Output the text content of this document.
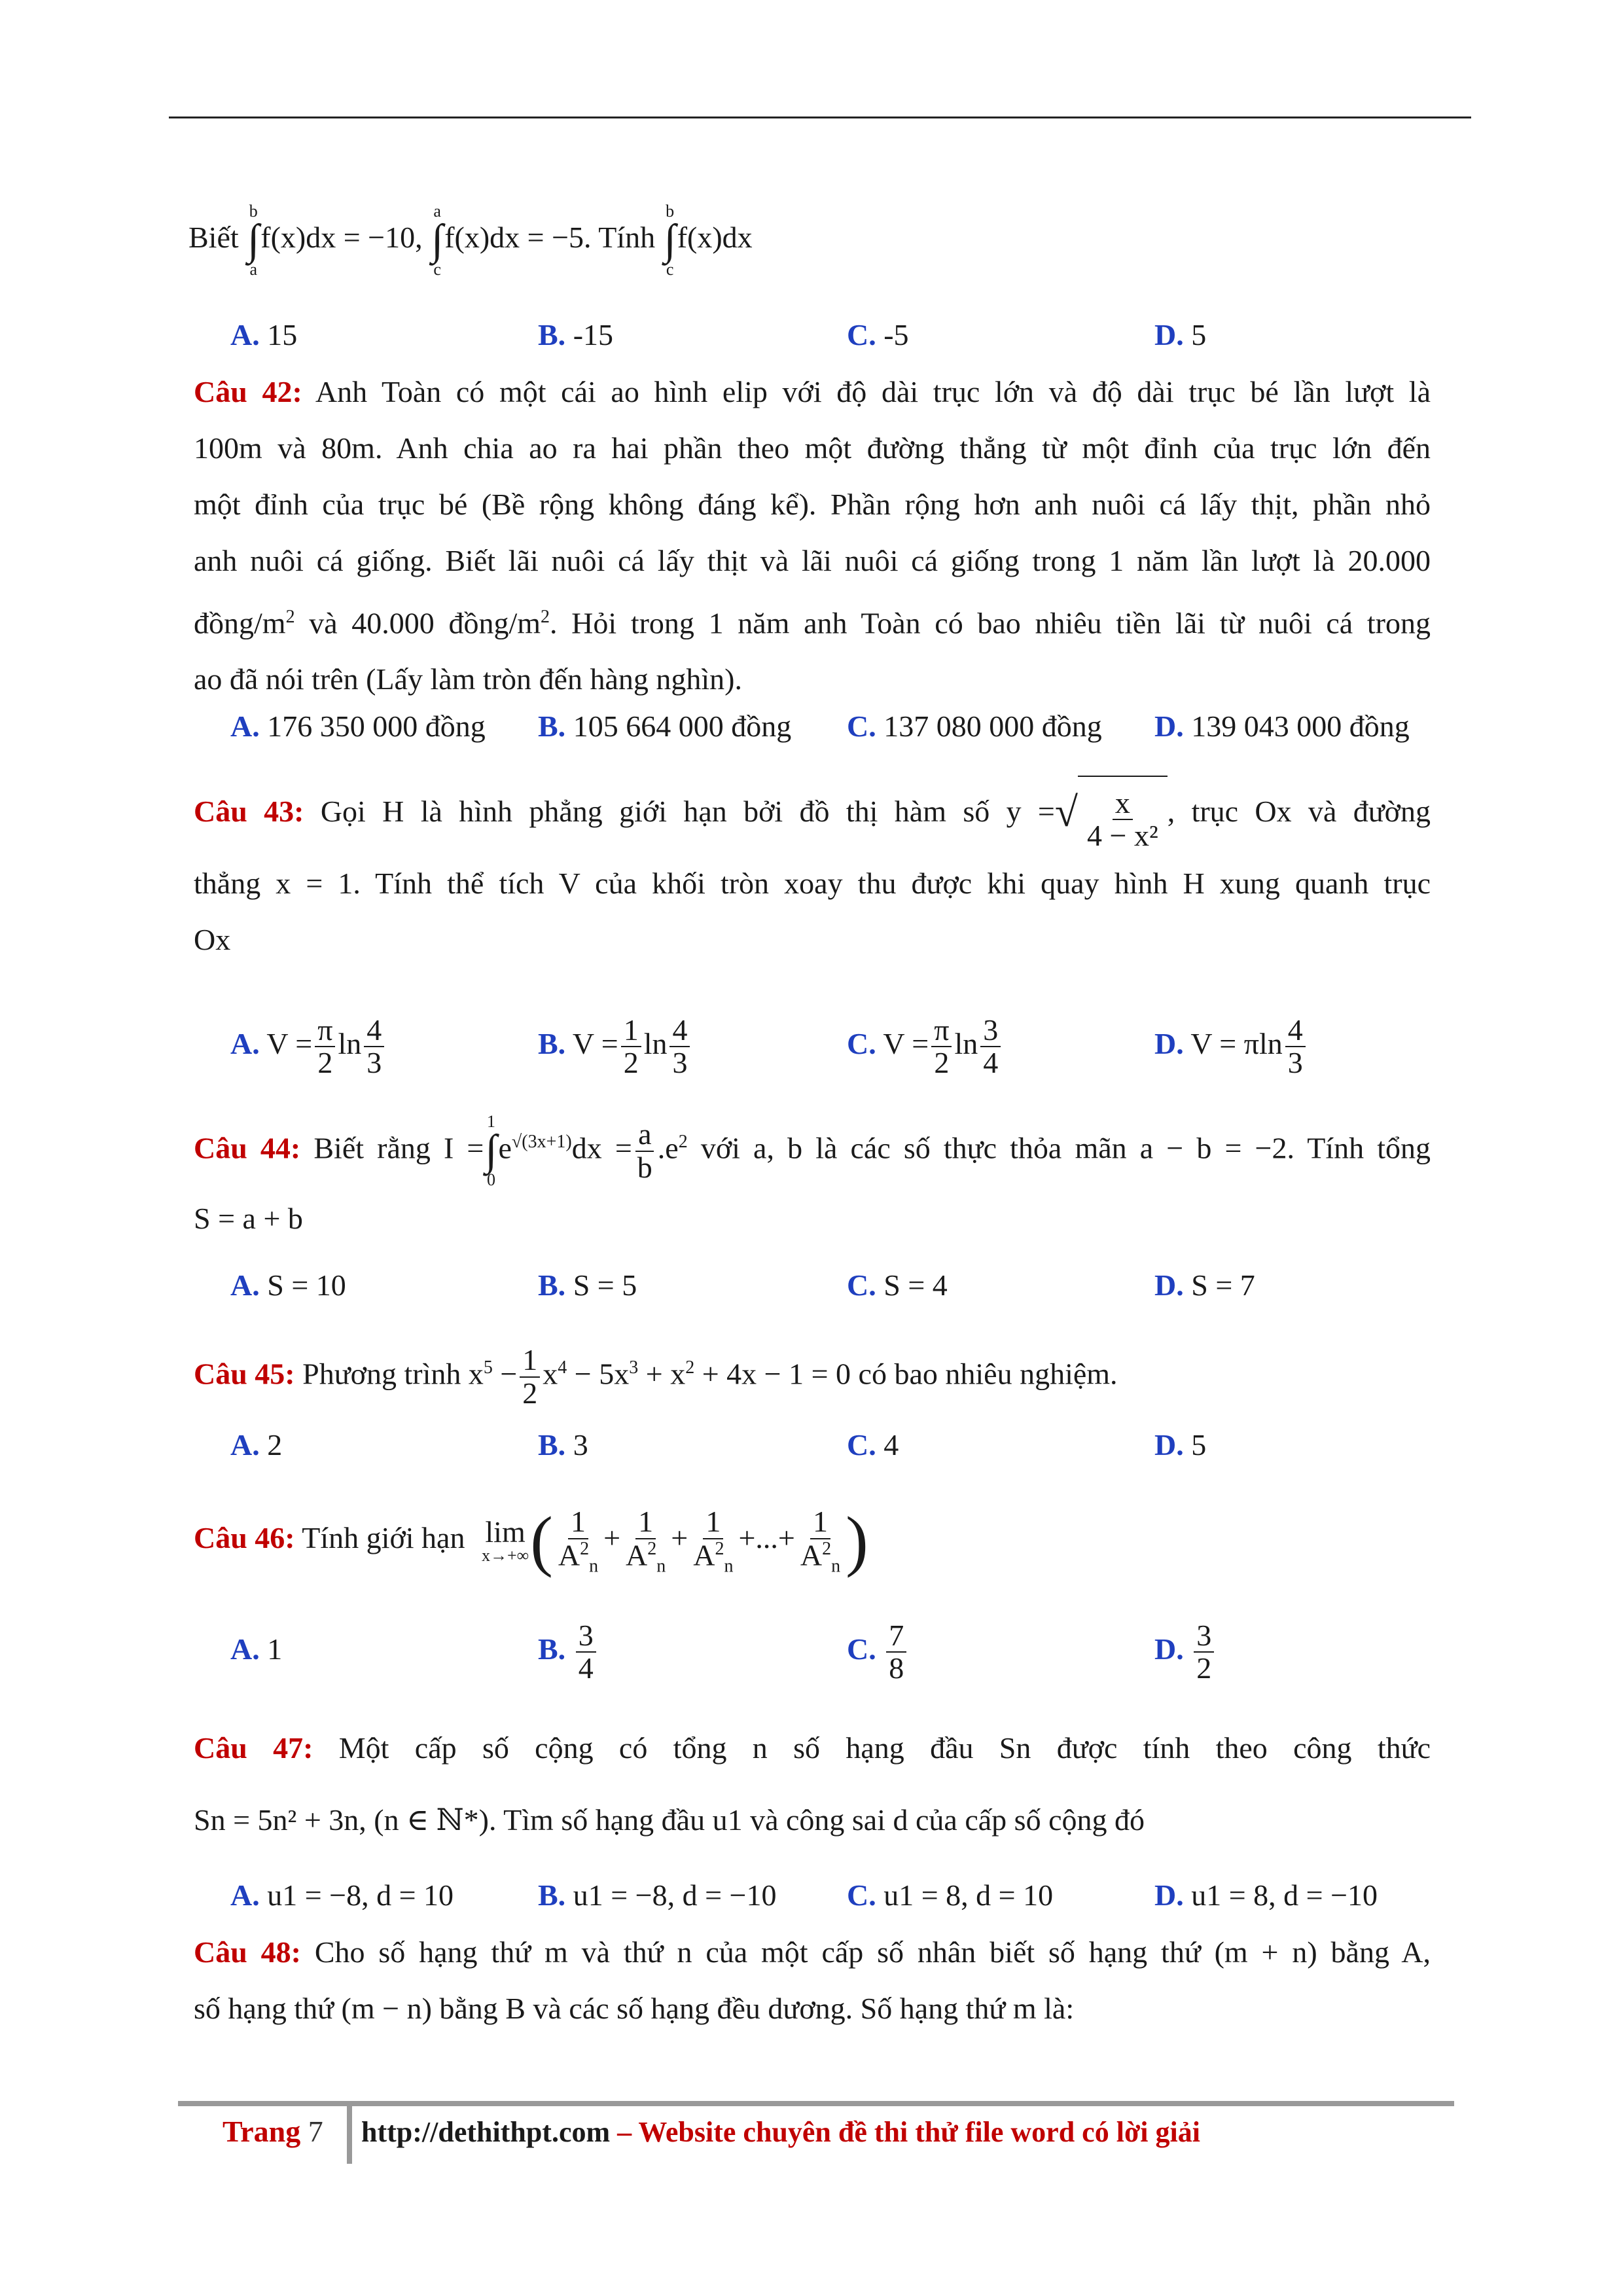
Biết
b
∫
a
f(x)dx = −10,
a
∫
c
f(x)dx = −5. Tính
b
∫
c
f(x)dx
A. 15	B. -15	C. -5	D. 5
Câu 42: Anh Toàn có một cái ao hình elip với độ dài trục lớn và độ dài trục bé lần lượt là
100m và 80m. Anh chia ao ra hai phần theo một đường thẳng từ một đỉnh của trục lớn đến
một đỉnh của trục bé (Bề rộng không đáng kể). Phần rộng hơn anh nuôi cá lấy thịt, phần nhỏ
anh nuôi cá giống. Biết lãi nuôi cá lấy thịt và lãi nuôi cá giống trong 1 năm lần lượt là 20.000
đồng/$m^2$ và 40.000 đồng/$m^2$. Hỏi trong 1 năm anh Toàn có bao nhiêu tiền lãi từ nuôi cá trong
ao đã nói trên (Lấy làm tròn đến hàng nghìn).
A. 176 350 000 đồng B. 105 664 000 đồng C. 137 080 000 đồng D. 139 043 000 đồng
Câu 43: Gọi H là hình phẳng giới hạn bởi đồ thị hàm số y =√ $\frac{x}{\text{4 − x²}}$ , trục Ox và đường
thẳng x = 1. Tính thể tích V của khối tròn xoay thu được khi quay hình H xung quanh trục
Ox
A. $V = \frac{\pi}{2}$ $\ln \frac{4}{3}$	B. $V = \frac{1}{2}$ $\ln \frac{4}{3}$	C. $V = \frac{\pi}{2}$ $\ln \frac{3}{4}$	D. V = πln $\frac{4}{3}$
Câu 44: Biết rằng I =
1
∫
0
$e^{√(3x+1)}dx = \frac{a}{b} .e^2$ với a, b là các số thực thỏa mãn a − b = −2. Tính tổng
S = a + b
A. S = 10	B. S = 5	C. S = 4	D. S = 7
Câu 45: Phương trình $x^5 - \frac{1}{2} x^4 - 5x^3 + x^2 + 4x - 1 = 0$ có bao nhiêu nghiệm.
A. 2	B. 3	C. 4	D. 5
Câu 46: Tính giới hạn lim
x→+∞ ( $\frac{1}{A^2_n} + \frac{1}{A^2_n} + \frac{1}{A^2_n}$ +...+ $\frac{1}{A^2_n}$ )
A. 1	B. $\frac{3}{4}$	C. $\frac{7}{8}$	D. $\frac{3}{2}$
Câu 47: Một cấp số cộng có tổng n số hạng đầu Sn được tính theo công thức
Sn = 5n² + 3n, (n ∈ ℕ*). Tìm số hạng đầu u1 và công sai d của cấp số cộng đó
A. u1 = −8, d = 10	B. u1 = −8, d = −10 C. u1 = 8, d = 10	D. u1 = 8, d = −10
Câu 48: Cho số hạng thứ m và thứ n của một cấp số nhân biết số hạng thứ (m + n) bằng A,
số hạng thứ (m − n) bằng B và các số hạng đều dương. Số hạng thứ m là:
Trang 7 http://dethithpt.com – Website chuyên đề thi thử file word có lời giải
